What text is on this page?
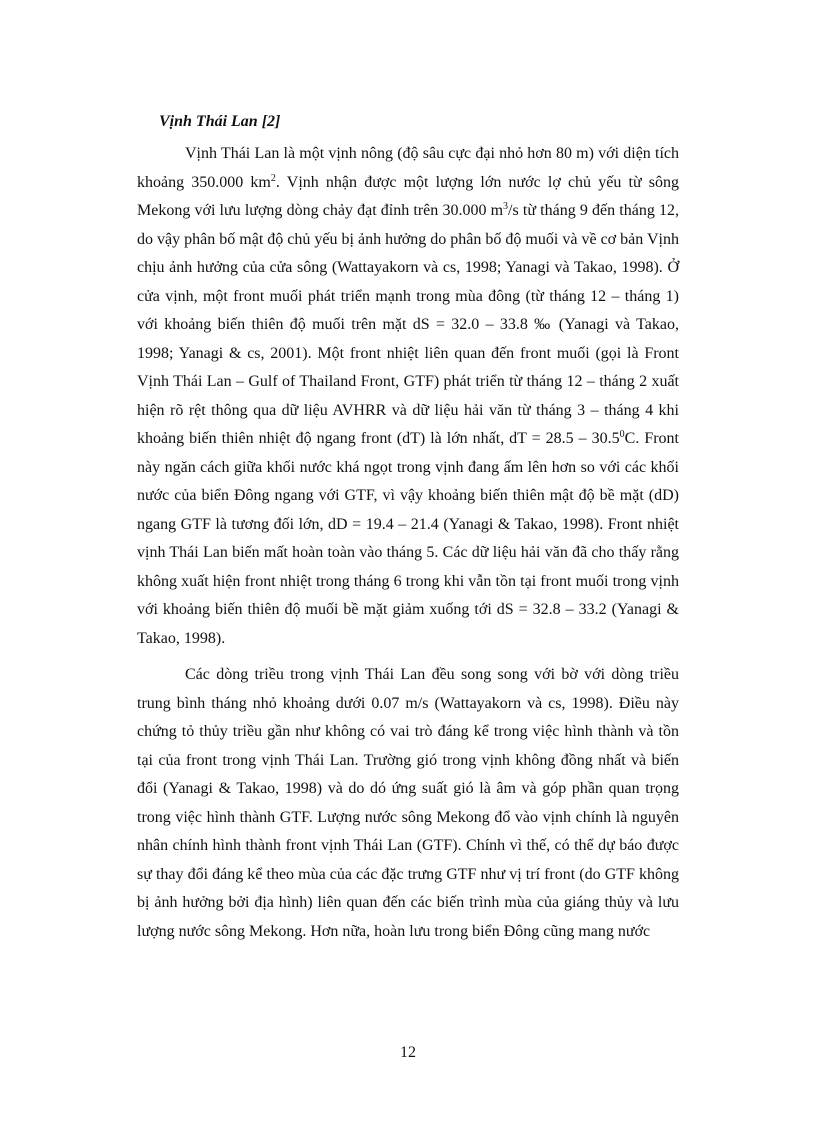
Vịnh Thái Lan [2]

Vịnh Thái Lan là một vịnh nông (độ sâu cực đại nhỏ hơn 80 m) với diện tích khoảng 350.000 $km^2$. Vịnh nhận được một lượng lớn nước lợ chủ yếu từ sông Mekong với lưu lượng dòng chảy đạt đỉnh trên 30.000 $m^3/s$ từ tháng 9 đến tháng 12, do vậy phân bố mật độ chủ yếu bị ảnh hưởng do phân bố độ muối và về cơ bản Vịnh chịu ảnh hưởng của cửa sông (Wattayakorn và cs, 1998; Yanagi và Takao, 1998). Ở cửa vịnh, một front muối phát triển mạnh trong mùa đông (từ tháng 12 – tháng 1) với khoảng biến thiên độ muối trên mặt dS = 32.0 – 33.8 ‰ (Yanagi và Takao, 1998; Yanagi & cs, 2001). Một front nhiệt liên quan đến front muối (gọi là Front Vịnh Thái Lan – Gulf of Thailand Front, GTF) phát triển từ tháng 12 – tháng 2 xuất hiện rõ rệt thông qua dữ liệu AVHRR và dữ liệu hải văn từ tháng 3 – tháng 4 khi khoảng biến thiên nhiệt độ ngang front (dT) là lớn nhất, dT = 28.5 – 30.5$^0$C. Front này ngăn cách giữa khối nước khá ngọt trong vịnh đang ấm lên hơn so với các khối nước của biển Đông ngang với GTF, vì vậy khoảng biến thiên mật độ bề mặt (dD) ngang GTF là tương đối lớn, dD = 19.4 – 21.4 (Yanagi & Takao, 1998). Front nhiệt vịnh Thái Lan biến mất hoàn toàn vào tháng 5. Các dữ liệu hải văn đã cho thấy rằng không xuất hiện front nhiệt trong tháng 6 trong khi vẫn tồn tại front muối trong vịnh với khoảng biến thiên độ muối bề mặt giảm xuống tới dS = 32.8 – 33.2 (Yanagi & Takao, 1998).

Các dòng triều trong vịnh Thái Lan đều song song với bờ với dòng triều trung bình tháng nhỏ khoảng dưới 0.07 m/s (Wattayakorn và cs, 1998). Điều này chứng tỏ thủy triều gần như không có vai trò đáng kể trong việc hình thành và tồn tại của front trong vịnh Thái Lan. Trường gió trong vịnh không đồng nhất và biến đổi (Yanagi & Takao, 1998) và do dó ứng suất gió là âm và góp phần quan trọng trong việc hình thành GTF. Lượng nước sông Mekong đổ vào vịnh chính là nguyên nhân chính hình thành front vịnh Thái Lan (GTF). Chính vì thế, có thể dự báo được sự thay đổi đáng kể theo mùa của các đặc trưng GTF như vị trí front (do GTF không bị ảnh hưởng bởi địa hình) liên quan đến các biến trình mùa của giáng thủy và lưu lượng nước sông Mekong. Hơn nữa, hoàn lưu trong biển Đông cũng mang nước

12
